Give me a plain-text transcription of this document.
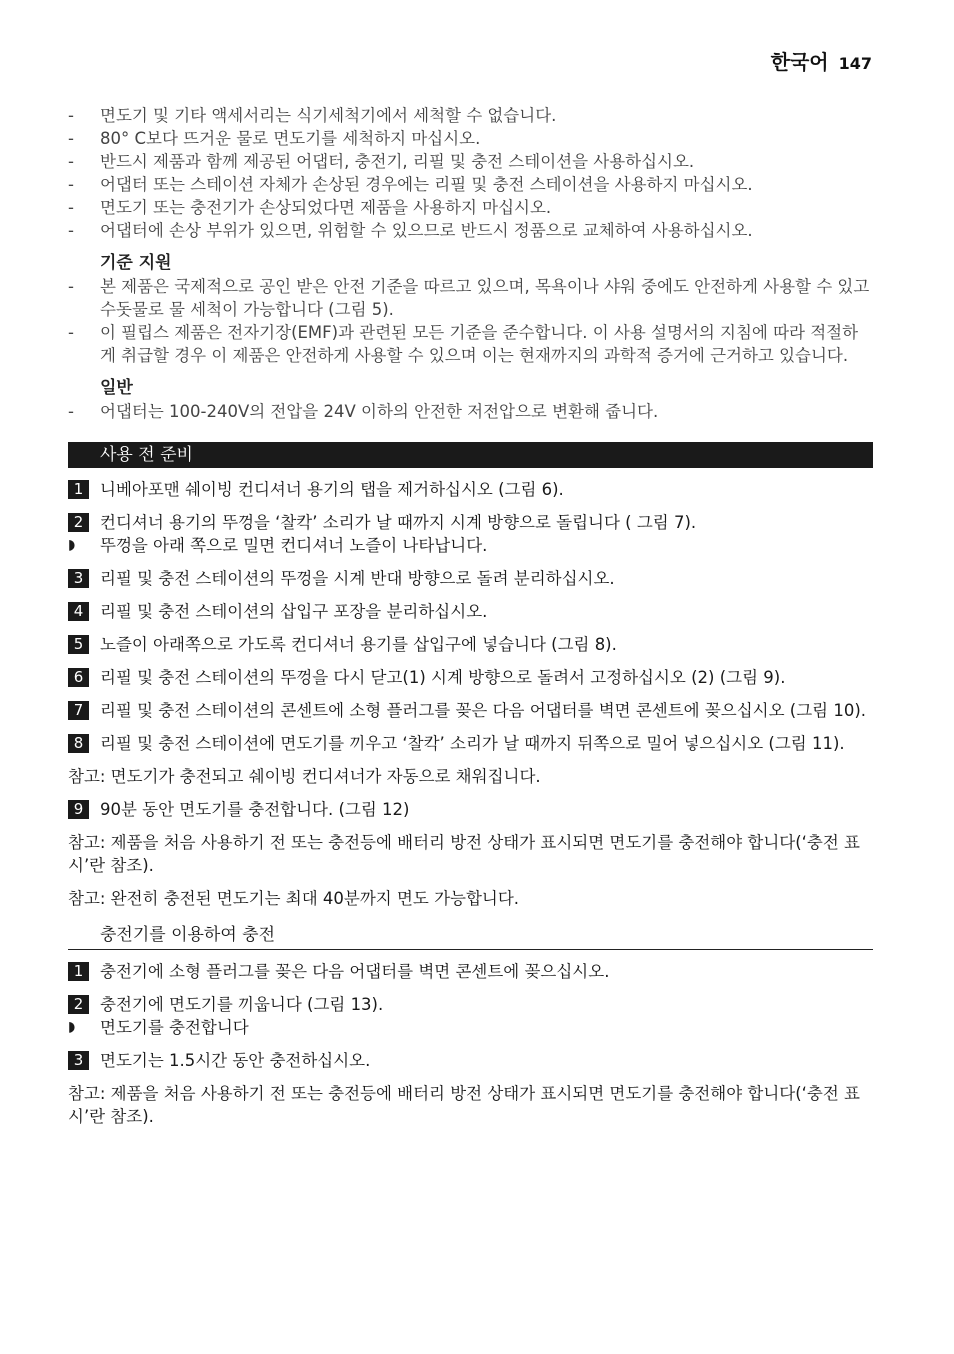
한국어 147
- 면도기 및 기타 액세서리는 식기세척기에서 세척할 수 없습니다.
- 80° C보다 뜨거운 물로 면도기를 세척하지 마십시오.
- 반드시 제품과 함께 제공된 어댑터, 충전기, 리필 및 충전 스테이션을 사용하십시오.
- 어댑터 또는 스테이션 자체가 손상된 경우에는 리필 및 충전 스테이션을 사용하지 마십시오.
- 면도기 또는 충전기가 손상되었다면 제품을 사용하지 마십시오.
- 어댑터에 손상 부위가 있으면, 위험할 수 있으므로 반드시 정품으로 교체하여 사용하십시오.
기준 지원
- 본 제품은 국제적으로 공인 받은 안전 기준을 따르고 있으며, 목욕이나 샤워 중에도 안전하게 사용할 수 있고 수돗물로 물 세척이 가능합니다 (그림 5).
- 이 필립스 제품은 전자기장(EMF)과 관련된 모든 기준을 준수합니다. 이 사용 설명서의 지침에 따라 적절하게 취급할 경우 이 제품은 안전하게 사용할 수 있으며 이는 현재까지의 과학적 증거에 근거하고 있습니다.
일반
- 어댑터는 100-240V의 전압을 24V 이하의 안전한 저전압으로 변환해 줍니다.
사용 전 준비
1	니베아포맨 쉐이빙 컨디셔너 용기의 탭을 제거하십시오 (그림 6).
2	컨디셔너 용기의 뚜껑을 ‘찰칵’ 소리가 날 때까지 시계 방향으로 돌립니다 ( 그림 7).
◗ 뚜껑을 아래 쪽으로 밀면 컨디셔너 노즐이 나타납니다.
3	리필 및 충전 스테이션의 뚜껑을 시계 반대 방향으로 돌려 분리하십시오.
4	리필 및 충전 스테이션의 삽입구 포장을 분리하십시오.
5	노즐이 아래쪽으로 가도록 컨디셔너 용기를 삽입구에 넣습니다 (그림 8).
6	리필 및 충전 스테이션의 뚜껑을 다시 닫고(1) 시계 방향으로 돌려서 고정하십시오 (2) (그림 9).
7	리필 및 충전 스테이션의 콘센트에 소형 플러그를 꽂은 다음 어댑터를 벽면 콘센트에 꽂으십시오 (그림 10).
8	리필 및 충전 스테이션에 면도기를 끼우고 ‘찰칵’ 소리가 날 때까지 뒤쪽으로 밀어 넣으십시오 (그림 11).
참고: 면도기가 충전되고 쉐이빙 컨디셔너가 자동으로 채워집니다.
9	90분 동안 면도기를 충전합니다. (그림 12)
참고: 제품을 처음 사용하기 전 또는 충전등에 배터리 방전 상태가 표시되면 면도기를 충전해야 합니다(‘충전 표시’란 참조).
참고: 완전히 충전된 면도기는 최대 40분까지 면도 가능합니다.
충전기를 이용하여 충전
1	충전기에 소형 플러그를 꽂은 다음 어댑터를 벽면 콘센트에 꽂으십시오.
2	충전기에 면도기를 끼웁니다 (그림 13).
◗ 면도기를 충전합니다
3	면도기는 1.5시간 동안 충전하십시오.
참고: 제품을 처음 사용하기 전 또는 충전등에 배터리 방전 상태가 표시되면 면도기를 충전해야 합니다(‘충전 표시’란 참조).
